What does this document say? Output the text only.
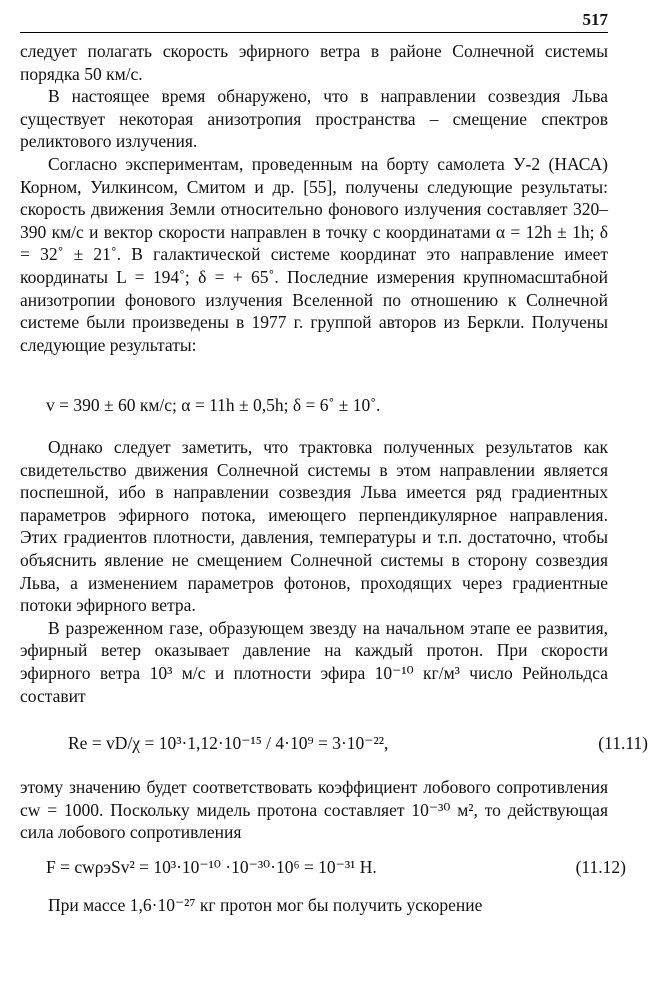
517

следует полагать скорость эфирного ветра в районе Солнечной системы порядка 50 км/с.

В настоящее время обнаружено, что в направлении созвездия Льва существует некоторая анизотропия пространства – смещение спектров реликтового излучения.

Согласно экспериментам, проведенным на борту самолета У-2 (НАСА) Корном, Уилкинсом, Смитом и др. [55], получены следующие результаты: скорость движения Земли относительно фонового излучения составляет 320–390 км/с и вектор скорости направлен в точку с координатами α = 12h ± 1h; δ = 32˚ ± 21˚. В галактической системе координат это направление имеет координаты L = 194˚; δ = + 65˚. Последние измерения крупномасштабной анизотропии фонового излучения Вселенной по отношению к Солнечной системе были произведены в 1977 г. группой авторов из Беркли. Получены следующие результаты:

v = 390 ± 60 км/с; α = 11h ± 0,5h; δ = 6˚ ± 10˚.

Однако следует заметить, что трактовка полученных результатов как свидетельство движения Солнечной системы в этом направлении является поспешной, ибо в направлении созвездия Льва имеется ряд градиентных параметров эфирного потока, имеющего перпендикулярное направления. Этих градиентов плотности, давления, температуры и т.п. достаточно, чтобы объяснить явление не смещением Солнечной системы в сторону созвездия Льва, а изменением параметров фотонов, проходящих через градиентные потоки эфирного ветра.

В разреженном газе, образующем звезду на начальном этапе ее развития, эфирный ветер оказывает давление на каждый протон. При скорости эфирного ветра 10³ м/с и плотности эфира 10⁻¹⁰ кг/м³ число Рейнольдса составит

Re = vD/χ = 10³·1,12·10⁻¹⁵ / 4·10⁹ = 3·10⁻²²,	(11.11)

этому значению будет соответствовать коэффициент лобового сопротивления cw = 1000. Поскольку мидель протона составляет 10⁻³⁰ м², то действующая сила лобового сопротивления

F = cwρэSv² = 10³·10⁻¹⁰ ·10⁻³⁰·10⁶ = 10⁻³¹ Н.	(11.12)

При массе 1,6·10⁻²⁷ кг протон мог бы получить ускорение
